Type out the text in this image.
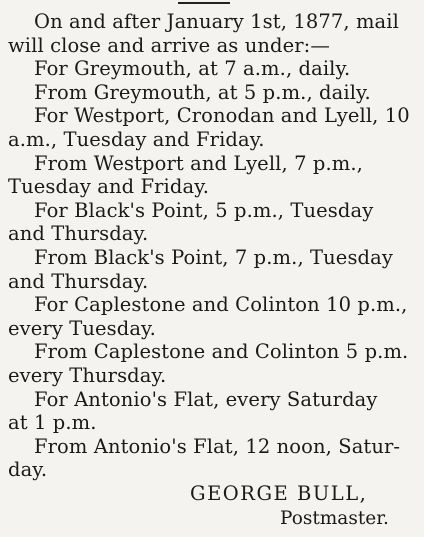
On and after January 1st, 1877, mail

will close and arrive as under:—

For Greymouth, at 7 a.m., daily.

From Greymouth, at 5 p.m., daily.

For Westport, Cronodan and Lyell, 10

a.m., Tuesday and Friday.

From Westport and Lyell, 7 p.m.,

Tuesday and Friday.

For Black's Point, 5 p.m., Tuesday

and Thursday.

From Black's Point, 7 p.m., Tuesday

and Thursday.

For Caplestone and Colinton 10 p.m.,

every Tuesday.

From Caplestone and Colinton 5 p.m.

every Thursday.

For Antonio's Flat, every Saturday

at 1 p.m.

From Antonio's Flat, 12 noon, Satur-

day.

GEORGE BULL,
Postmaster.
